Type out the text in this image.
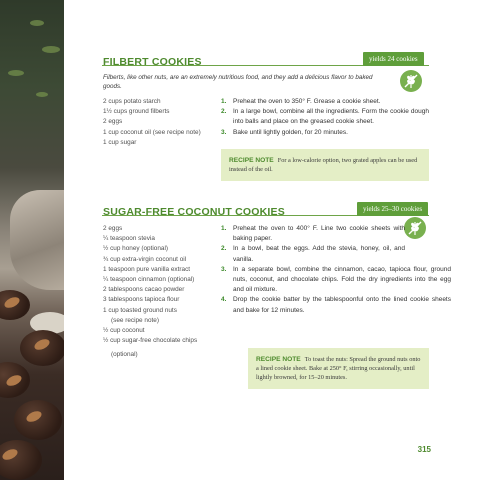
yields 24 cookies
FILBERT COOKIES
Filberts, like other nuts, are an extremely nutritious food, and they add a delicious flavor to baked goods.
2 cups potato starch
1½ cups ground filberts
2 eggs
1 cup coconut oil (see recipe note)
1 cup sugar
1. Preheat the oven to 350° F. Grease a cookie sheet.
2. In a large bowl, combine all the ingredients. Form the cookie dough into balls and place on the greased cookie sheet.
3. Bake until lightly golden, for 20 minutes.
RECIPE NOTE For a low-calorie option, two grated apples can be used instead of the oil.
yields 25–30 cookies
SUGAR-FREE COCONUT COOKIES
2 eggs
¼ teaspoon stevia
½ cup honey (optional)
¾ cup extra-virgin coconut oil
1 teaspoon pure vanilla extract
¼ teaspoon cinnamon (optional)
2 tablespoons cacao powder
3 tablespoons tapioca flour
1 cup toasted ground nuts
(see recipe note)
½ cup coconut
½ cup sugar-free chocolate chips
(optional)
1. Preheat the oven to 400° F. Line two cookie sheets with baking paper.
2. In a bowl, beat the eggs. Add the stevia, honey, oil, and vanilla.
3. In a separate bowl, combine the cinnamon, cacao, tapioca flour, ground nuts, coconut, and chocolate chips. Fold the dry ingredients into the egg and oil mixture.
4. Drop the cookie batter by the tablespoonful onto the lined cookie sheets and bake for 12 minutes.
RECIPE NOTE To toast the nuts: Spread the ground nuts onto a lined cookie sheet. Bake at 250° F, stirring occasionally, until lightly browned, for 15–20 minutes.
315
